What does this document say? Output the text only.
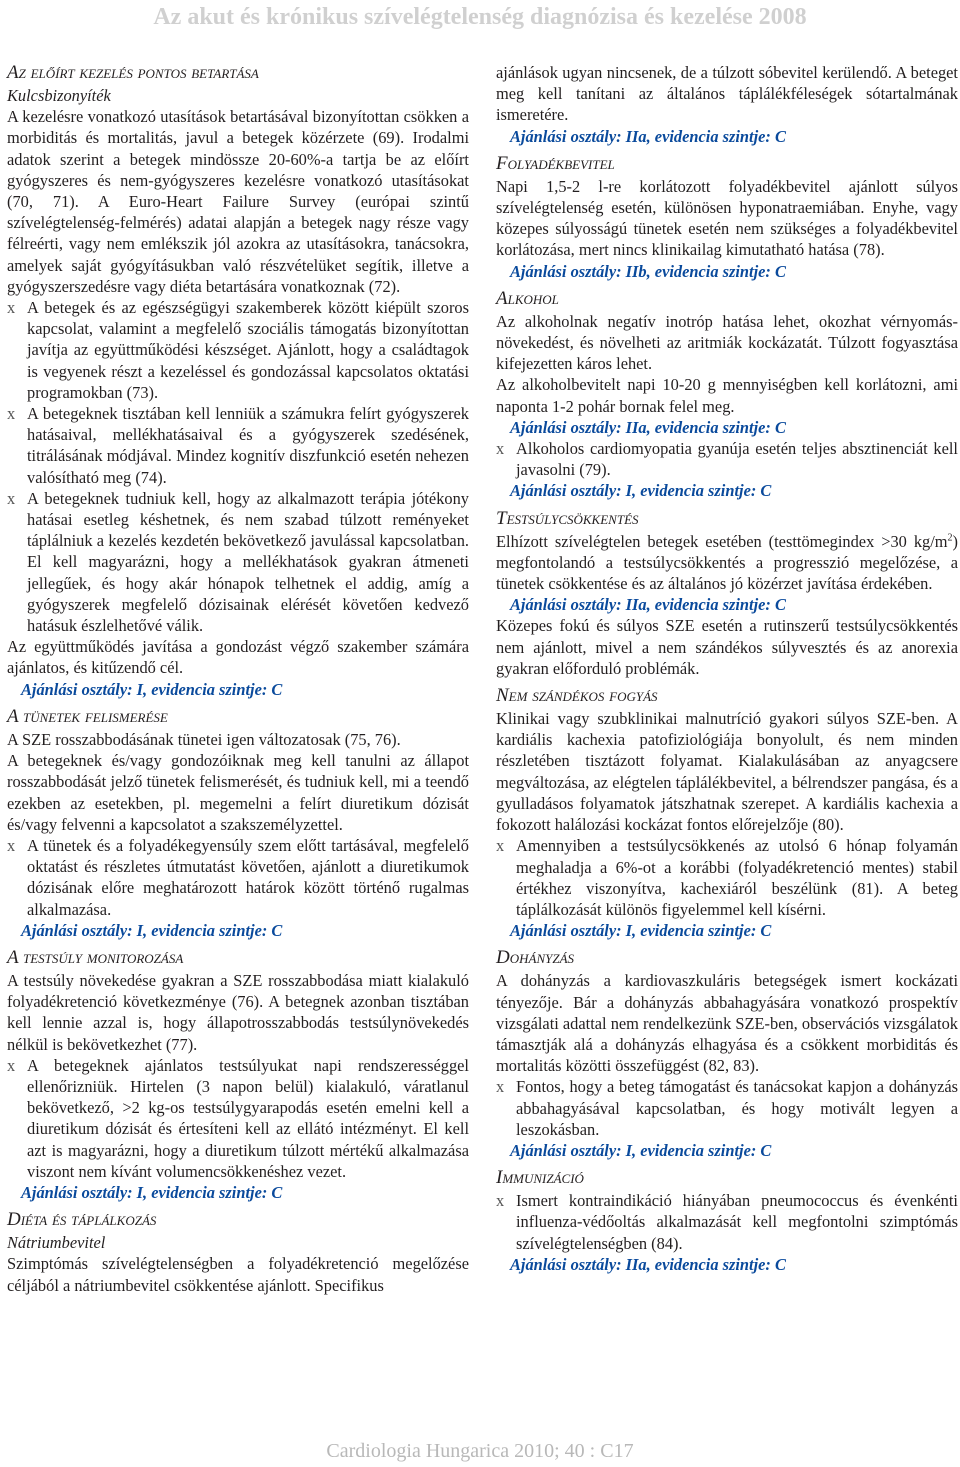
Az akut és krónikus szívelégtelenség diagnózisa és kezelése 2008
Az előírt kezelés pontos betartása

Kulcsbizonyíték

A kezelésre vonatkozó utasítások betartásával bizonyítottan csökken a morbiditás és mortalitás, javul a betegek közérzete (69). Irodalmi adatok szerint a betegek mindössze 20-60%-a tartja be az előírt gyógyszeres és nem-gyógyszeres kezelésre vonatkozó utasításokat (70, 71). A Euro-Heart Failure Survey (európai szintű szívelégtelenség-felmérés) adatai alapján a betegek nagy része vagy félreérti, vagy nem emlékszik jól azokra az utasításokra, tanácsokra, amelyek saját gyógyításukban való részvételüket segítik, illetve a gyógyszerszedésre vagy diéta betartására vonatkoznak (72).

x A betegek és az egészségügyi szakemberek között kiépült szoros kapcsolat, valamint a megfelelő szociális támogatás bizonyítottan javítja az együttműködési készséget. Ajánlott, hogy a családtagok is vegyenek részt a kezeléssel és gondozással kapcsolatos oktatási programokban (73).

x A betegeknek tisztában kell lenniük a számukra felírt gyógyszerek hatásaival, mellékhatásaival és a gyógyszerek szedésének, titrálásának módjával. Mindez kognitív diszfunkció esetén nehezen valósítható meg (74).

x A betegeknek tudniuk kell, hogy az alkalmazott terápia jótékony hatásai esetleg késhetnek, és nem szabad túlzott reményeket táplálniuk a kezelés kezdetén bekövetkező javulással kapcsolatban. El kell magyarázni, hogy a mellékhatások gyakran átmeneti jellegűek, és hogy akár hónapok telhetnek el addig, amíg a gyógyszerek megfelelő dózisainak elérését követően kedvező hatásuk észlelhetővé válik.

Az együttműködés javítása a gondozást végző szakember számára ajánlatos, és kitűzendő cél.

Ajánlási osztály: I, evidencia szintje: C

A tünetek felismerése

A SZE rosszabbodásának tünetei igen változatosak (75, 76).

A betegeknek és/vagy gondozóiknak meg kell tanulni az állapot rosszabbodását jelző tünetek felismerését, és tudniuk kell, mi a teendő ezekben az esetekben, pl. megemelni a felírt diuretikum dózisát és/vagy felvenni a kapcsolatot a szakszemélyzettel.

x A tünetek és a folyadékegyensúly szem előtt tartásával, megfelelő oktatást és részletes útmutatást követően, ajánlott a diuretikumok dózisának előre meghatározott határok között történő rugalmas alkalmazása.

Ajánlási osztály: I, evidencia szintje: C

A testsúly monitorozása

A testsúly növekedése gyakran a SZE rosszabbodása miatt kialakuló folyadékretenció következménye (76). A betegnek azonban tisztában kell lennie azzal is, hogy állapotrosszabbodás testsúlynövekedés nélkül is bekövetkezhet (77).

x A betegeknek ajánlatos testsúlyukat napi rendszerességgel ellenőrizniük. Hirtelen (3 napon belül) kialakuló, váratlanul bekövetkező, >2 kg-os testsúlygyarapodás esetén emelni kell a diuretikum dózisát és értesíteni kell az ellátó intézményt. El kell azt is magyarázni, hogy a diuretikum túlzott mértékű alkalmazása viszont nem kívánt volumencsökkenéshez vezet.

Ajánlási osztály: I, evidencia szintje: C

Diéta és táplálkozás

Nátriumbevitel

Szimptómás szívelégtelenségben a folyadékretenció megelőzése céljából a nátriumbevitel csökkentése ajánlott. Specifikus

ajánlások ugyan nincsenek, de a túlzott sóbevitel kerülendő. A beteget meg kell tanítani az általános táplálékféleségek sótartalmának ismeretére.

Ajánlási osztály: IIa, evidencia szintje: C

Folyadékbevitel

Napi 1,5-2 l-re korlátozott folyadékbevitel ajánlott súlyos szívelégtelenség esetén, különösen hyponatraemiában. Enyhe, vagy közepes súlyosságú tünetek esetén nem szükséges a folyadékbevitel korlátozása, mert nincs klinikailag kimutatható hatása (78).

Ajánlási osztály: IIb, evidencia szintje: C

Alkohol

Az alkoholnak negatív inotróp hatása lehet, okozhat vérnyomás-növekedést, és növelheti az aritmiák kockázatát. Túlzott fogyasztása kifejezetten káros lehet.

Az alkoholbevitelt napi 10-20 g mennyiségben kell korlátozni, ami naponta 1-2 pohár bornak felel meg.

Ajánlási osztály: IIa, evidencia szintje: C

x Alkoholos cardiomyopatia gyanúja esetén teljes absztinenciát kell javasolni (79).

Ajánlási osztály: I, evidencia szintje: C

Testsúlycsökkentés

Elhízott szívelégtelen betegek esetében (testtömegindex >30 $kg/m^2$) megfontolandó a testsúlycsökkentés a progresszió megelőzése, a tünetek csökkentése és az általános jó közérzet javítása érdekében.

Ajánlási osztály: IIa, evidencia szintje: C

Közepes fokú és súlyos SZE esetén a rutinszerű testsúlycsökkentés nem ajánlott, mivel a nem szándékos súlyvesztés és az anorexia gyakran előforduló problémák.

Nem szándékos fogyás

Klinikai vagy szubklinikai malnutríció gyakori súlyos SZE-ben. A kardiális kachexia patofiziológiája bonyolult, és nem minden részletében tisztázott folyamat. Kialakulásában az anyagcsere megváltozása, az elégtelen táplálékbevitel, a bélrendszer pangása, és a gyulladásos folyamatok játszhatnak szerepet. A kardiális kachexia a fokozott halálozási kockázat fontos előrejelzője (80).

x Amennyiben a testsúlycsökkenés az utolsó 6 hónap folyamán meghaladja a 6%-ot a korábbi (folyadékretenció mentes) stabil értékhez viszonyítva, kachexiáról beszélünk (81). A beteg táplálkozását különös figyelemmel kell kísérni.

Ajánlási osztály: I, evidencia szintje: C

Dohányzás

A dohányzás a kardiovaszkuláris betegségek ismert kockázati tényezője. Bár a dohányzás abbahagyására vonatkozó prospektív vizsgálati adattal nem rendelkezünk SZE-ben, observációs vizsgálatok támasztják alá a dohányzás elhagyása és a csökkent morbiditás és mortalitás közötti összefüggést (82, 83).

x Fontos, hogy a beteg támogatást és tanácsokat kapjon a dohányzás abbahagyásával kapcsolatban, és hogy motivált legyen a leszokásban.

Ajánlási osztály: I, evidencia szintje: C

Immunizáció

x Ismert kontraindikáció hiányában pneumococcus és évenkénti influenza-védőoltás alkalmazását kell megfontolni szimptómás szívelégtelenségben (84).

Ajánlási osztály: IIa, evidencia szintje: C

Cardiologia Hungarica 2010; 40 : C17
